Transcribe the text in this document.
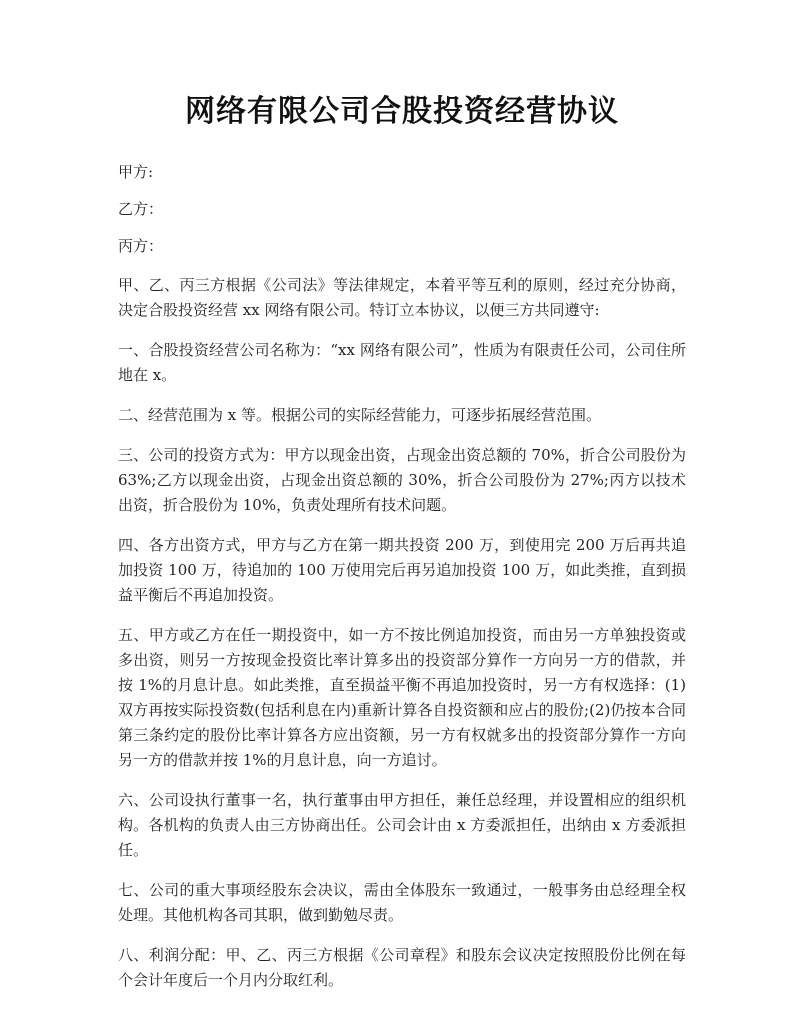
网络有限公司合股投资经营协议

甲方:

乙方：

丙方：

甲、乙、丙三方根据《公司法》等法律规定，本着平等互利的原则，经过充分协商，决定合股投资经营 xx 网络有限公司。特订立本协议，以便三方共同遵守:

一、合股投资经营公司名称为：“xx 网络有限公司”，性质为有限责任公司，公司住所地在 x。

二、经营范围为 x 等。根据公司的实际经营能力，可逐步拓展经营范围。

三、公司的投资方式为：甲方以现金出资，占现金出资总额的 70%，折合公司股份为 63%;乙方以现金出资，占现金出资总额的 30%，折合公司股份为 27%;丙方以技术出资，折合股份为 10%，负责处理所有技术问题。

四、各方出资方式，甲方与乙方在第一期共投资 200 万，到使用完 200 万后再共追加投资 100 万，待追加的 100 万使用完后再另追加投资 100 万，如此类推，直到损益平衡后不再追加投资。

五、甲方或乙方在任一期投资中，如一方不按比例追加投资，而由另一方单独投资或多出资，则另一方按现金投资比率计算多出的投资部分算作一方向另一方的借款，并按 1%的月息计息。如此类推，直至损益平衡不再追加投资时，另一方有权选择：(1)双方再按实际投资数(包括利息在内)重新计算各自投资额和应占的股份;(2)仍按本合同第三条约定的股份比率计算各方应出资额，另一方有权就多出的投资部分算作一方向另一方的借款并按 1%的月息计息，向一方追讨。

六、公司设执行董事一名，执行董事由甲方担任，兼任总经理，并设置相应的组织机构。各机构的负责人由三方协商出任。公司会计由 x 方委派担任，出纳由 x 方委派担任。

七、公司的重大事项经股东会决议，需由全体股东一致通过，一般事务由总经理全权处理。其他机构各司其职，做到勤勉尽责。

八、利润分配：甲、乙、丙三方根据《公司章程》和股东会议决定按照股份比例在每个会计年度后一个月内分取红利。
